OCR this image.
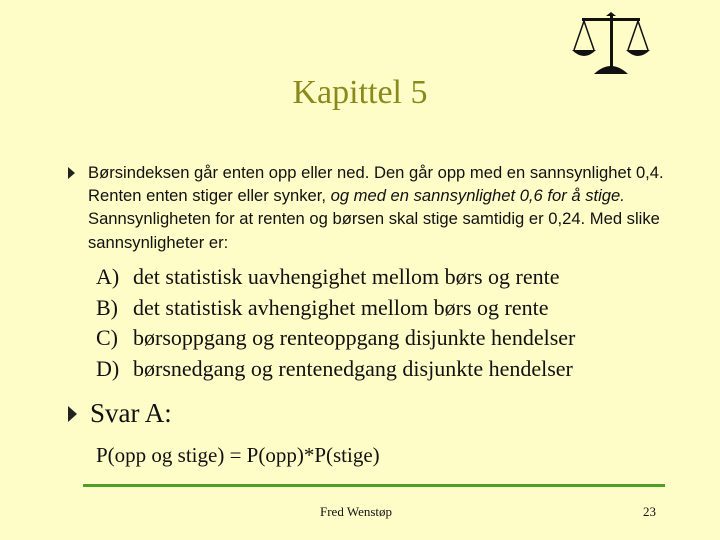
Kapittel 5
Børsindeksen går enten opp eller ned. Den går opp med en sannsynlighet 0,4. Renten enten stiger eller synker, og med en sannsynlighet 0,6 for å stige. Sannsynligheten for at renten og børsen skal stige samtidig er 0,24. Med slike sannsynligheter er:
A) det statistisk uavhengighet mellom børs og rente
B) det statistisk avhengighet mellom børs og rente
C) børsoppgang og renteoppgang disjunkte hendelser
D) børsnedgang og rentenedgang disjunkte hendelser
Svar A:
P(opp og stige) = P(opp)*P(stige)
Fred Wenstøp	23
